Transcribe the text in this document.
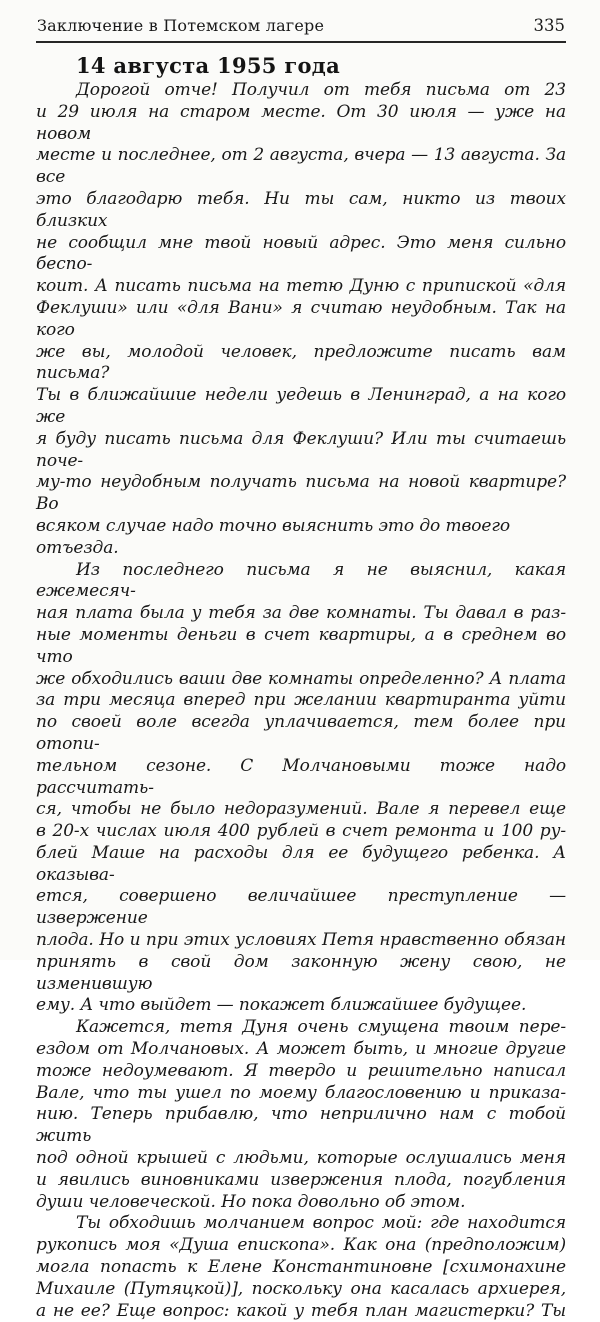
Заключение в Потемском лагере	335

14 августа 1955 года

Дорогой отче! Получил от тебя письма от 23
и 29 июля на старом месте. От 30 июля — уже на новом
месте и последнее, от 2 августа, вчера — 13 августа. За все
это благодарю тебя. Ни ты сам, никто из твоих близких
не сообщил мне твой новый адрес. Это меня сильно беспо-
коит. А писать письма на тетю Дуню с припиской «для
Феклуши» или «для Вани» я считаю неудобным. Так на кого
же вы, молодой человек, предложите писать вам письма?
Ты в ближайшие недели уедешь в Ленинград, а на кого же
я буду писать письма для Феклуши? Или ты считаешь поче-
му-то неудобным получать письма на новой квартире? Во
всяком случае надо точно выяснить это до твоего отъезда.
Из последнего письма я не выяснил, какая ежемесяч-
ная плата была у тебя за две комнаты. Ты давал в раз-
ные моменты деньги в счет квартиры, а в среднем во что
же обходились ваши две комнаты определенно? А плата
за три месяца вперед при желании квартиранта уйти
по своей воле всегда уплачивается, тем более при отопи-
тельном сезоне. С Молчановыми тоже надо рассчитать-
ся, чтобы не было недоразумений. Вале я перевел еще
в 20-х числах июля 400 рублей в счет ремонта и 100 ру-
блей Маше на расходы для ее будущего ребенка. А оказыва-
ется, совершено величайшее преступление — извержение
плода. Но и при этих условиях Петя нравственно обязан
принять в свой дом законную жену свою, не изменившую
ему. А что выйдет — покажет ближайшее будущее.
Кажется, тетя Дуня очень смущена твоим пере-
ездом от Молчановых. А может быть, и многие другие
тоже недоумевают. Я твердо и решительно написал
Вале, что ты ушел по моему благословению и приказа-
нию. Теперь прибавлю, что неприлично нам с тобой жить
под одной крышей с людьми, которые ослушались меня
и явились виновниками извержения плода, погубления
души человеческой. Но пока довольно об этом.
Ты обходишь молчанием вопрос мой: где находится
рукопись моя «Душа епископа». Как она (предположим)
могла попасть к Елене Константиновне [схимонахине
Михаиле (Путяцкой)], поскольку она касалась архиерея,
а не ее? Еще вопрос: какой у тебя план магистерки? Ты
